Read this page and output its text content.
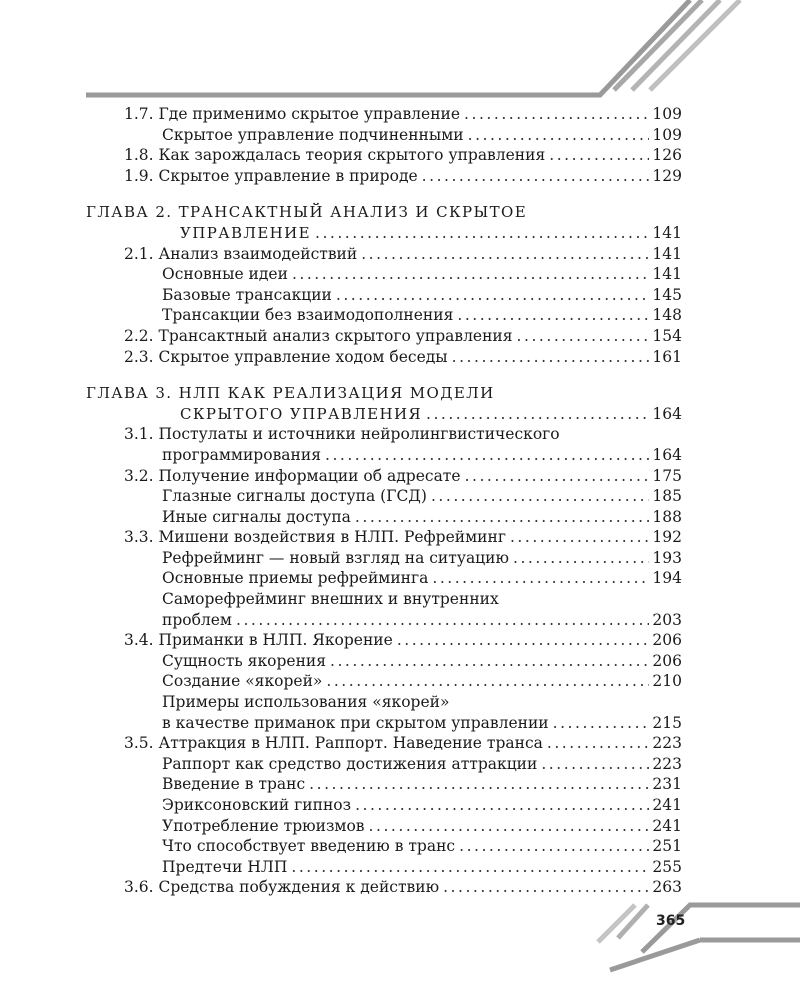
1.7. Где применимо скрытое управление	109
. . .
Скрытое управление подчиненными	109
. . .
1.8. Как зарождалась теория скрытого управления	126
. . .
1.9. Скрытое управление в природе	129
. . .
ГЛАВА 2. ТРАНСАКТНЫЙ АНАЛИЗ И СКРЫТОЕ
УПРАВЛЕНИЕ	141
. . .
2.1. Анализ взаимодействий	141
. . .
Основные идеи	141
. . .
Базовые трансакции	145
. . .
Трансакции без взаимодополнения	148
. . .
2.2. Трансактный анализ скрытого управления	154
. . .
2.3. Скрытое управление ходом беседы	161
. . .
ГЛАВА 3. НЛП КАК РЕАЛИЗАЦИЯ МОДЕЛИ
СКРЫТОГО УПРАВЛЕНИЯ	164
. . .
3.1. Постулаты и источники нейролингвистического
программирования	164
. . .
3.2. Получение информации об адресате	175
. . .
Глазные сигналы доступа (ГСД)	185
. . .
Иные сигналы доступа	188
. . .
3.3. Мишени воздействия в НЛП. Рефрейминг	192
. . .
Рефрейминг — новый взгляд на ситуацию	193
. . .
Основные приемы рефрейминга	194
. . .
Саморефрейминг внешних и внутренних
проблем	203
. . .
3.4. Приманки в НЛП. Якорение	206
. . .
Сущность якорения	206
. . .
Создание «якорей»	210
. . .
Примеры использования «якорей»
в качестве приманок при скрытом управлении	215
. . .
3.5. Аттракция в НЛП. Раппорт. Наведение транса	223
. . .
Раппорт как средство достижения аттракции	223
. . .
Введение в транс	231
. . .
Эриксоновский гипноз	241
. . .
Употребление трюизмов	241
. . .
Что способствует введению в транс	251
. . .
Предтечи НЛП	255
. . .
3.6. Средства побуждения к действию	263
. . .
365
